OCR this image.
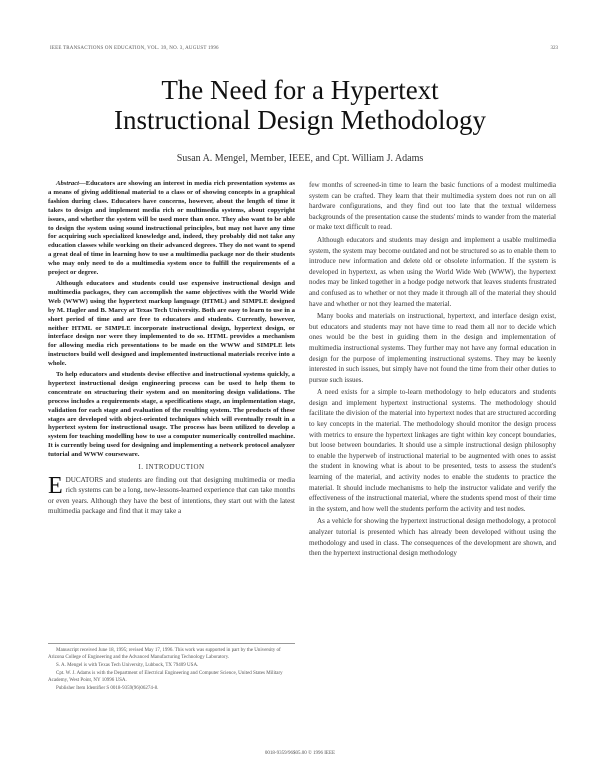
IEEE TRANSACTIONS ON EDUCATION, VOL. 39, NO. 3, AUGUST 1996	323
The Need for a Hypertext
Instructional Design Methodology
Susan A. Mengel, Member, IEEE, and Cpt. William J. Adams

Abstract—Educators are showing an interest in media rich presentation systems as a means of giving additional material to a class or of showing concepts in a graphical fashion during class. Educators have concerns, however, about the length of time it takes to design and implement media rich or multimedia systems, about copyright issues, and whether the system will be used more than once. They also want to be able to design the system using sound instructional principles, but may not have any time for acquiring such specialized knowledge and, indeed, they probably did not take any education classes while working on their advanced degrees. They do not want to spend a great deal of time in learning how to use a multimedia package nor do their students who may only need to do a multimedia system once to fulfill the requirements of a project or degree.

Although educators and students could use expensive instructional design and multimedia packages, they can accomplish the same objectives with the World Wide Web (WWW) using the hypertext markup language (HTML) and SIMPLE designed by M. Hagler and B. Marcy at Texas Tech University. Both are easy to learn to use in a short period of time and are free to educators and students. Currently, however, neither HTML or SIMPLE incorporate instructional design, hypertext design, or interface design nor were they implemented to do so. HTML provides a mechanism for allowing media rich presentations to be made on the WWW and SIMPLE lets instructors build well designed and implemented instructional materials receive into a whole.

To help educators and students devise effective and instructional systems quickly, a hypertext instructional design engineering process can be used to help them to concentrate on structuring their system and on monitoring design validations. The process includes a requirements stage, a specifications stage, an implementation stage, validation for each stage and evaluation of the resulting system. The products of these stages are developed with object-oriented techniques which will eventually result in a hypertext system for instructional usage. The process has been utilized to develop a system for teaching modelling how to use a computer numerically controlled machine. It is currently being used for designing and implementing a network protocol analyzer tutorial and WWW courseware.

I. INTRODUCTION

EDUCATORS and students are finding out that designing multimedia or media rich systems can be a long, new-lessons-learned experience that can take months or even years. Although they have the best of intentions, they start out with the latest multimedia package and find that it may take a

Manuscript received June 18, 1995; revised May 17, 1996. This work was supported in part by the University of Arizona College of Engineering and the Advanced Manufacturing Technology Laboratory.

S. A. Mengel is with Texas Tech University, Lubbock, TX 79409 USA.

Cpt. W. J. Adams is with the Department of Electrical Engineering and Computer Science, United States Military Academy, West Point, NY 10996 USA.

Publisher Item Identifier S 0018-9359(96)06274-8.

few months of screened-in time to learn the basic functions of a modest multimedia system can be crafted. They learn that their multimedia system does not run on all hardware configurations, and they find out too late that the textual wilderness backgrounds of the presentation cause the students' minds to wander from the material or make text difficult to read.

Although educators and students may design and implement a usable multimedia system, the system may become outdated and not be structured so as to enable them to introduce new information and delete old or obsolete information. If the system is developed in hypertext, as when using the World Wide Web (WWW), the hypertext nodes may be linked together in a hodge podge network that leaves students frustrated and confused as to whether or not they made it through all of the material they should have and whether or not they learned the material.

Many books and materials on instructional, hypertext, and interface design exist, but educators and students may not have time to read them all nor to decide which ones would be the best in guiding them in the design and implementation of multimedia instructional systems. They further may not have any formal education in design for the purpose of implementing instructional systems. They may be keenly interested in such issues, but simply have not found the time from their other duties to pursue such issues.

A need exists for a simple to-learn methodology to help educators and students design and implement hypertext instructional systems. The methodology should facilitate the division of the material into hypertext nodes that are structured according to key concepts in the material. The methodology should monitor the design process with metrics to ensure the hypertext linkages are tight within key concept boundaries, but loose between boundaries. It should use a simple instructional design philosophy to enable the hyperweb of instructional material to be augmented with ones to assist the student in knowing what is about to be presented, tests to assess the student's learning of the material, and activity nodes to enable the students to practice the material. It should include mechanisms to help the instructor validate and verify the effectiveness of the instructional material, where the students spend most of their time in the system, and how well the students perform the activity and test nodes.

As a vehicle for showing the hypertext instructional design methodology, a protocol analyzer tutorial is presented which has already been developed without using the methodology and used in class. The consequences of the development are shown, and then the hypertext instructional design methodology

0018-9359/96$05.00 © 1996 IEEE
